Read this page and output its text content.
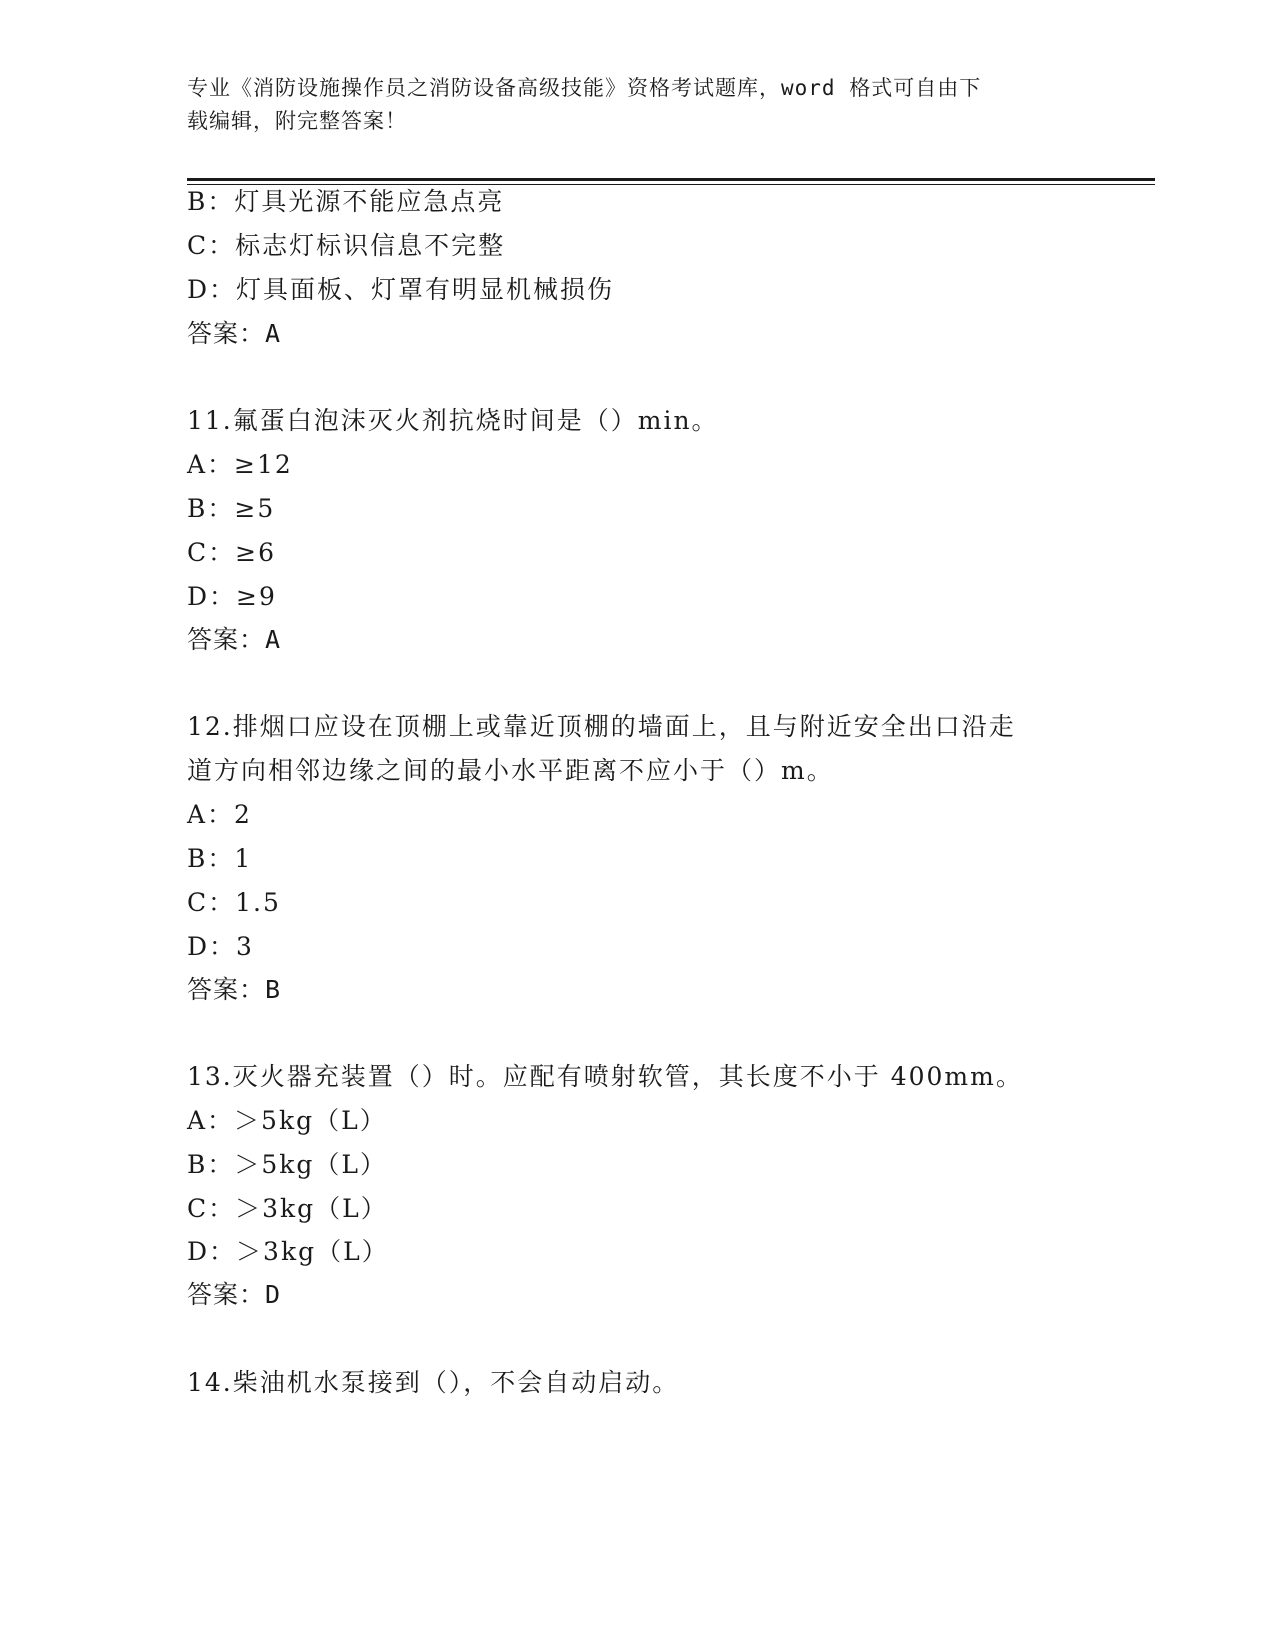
专业《消防设施操作员之消防设备高级技能》资格考试题库，word 格式可自由下
载编辑，附完整答案！
B：灯具光源不能应急点亮
C：标志灯标识信息不完整
D：灯具面板、灯罩有明显机械损伤
答案：A
11.氟蛋白泡沫灭火剂抗烧时间是（）min。
A：≥12
B：≥5
C：≥6
D：≥9
答案：A
12.排烟口应设在顶棚上或靠近顶棚的墙面上，且与附近安全出口沿走
道方向相邻边缘之间的最小水平距离不应小于（）m。
A：2
B：1
C：1.5
D：3
答案：B
13.灭火器充装置（）时。应配有喷射软管，其长度不小于 400mm。
A：＞5kg（L）
B：＞5kg（L）
C：＞3kg（L）
D：＞3kg（L）
答案：D
14.柴油机水泵接到（），不会自动启动。
